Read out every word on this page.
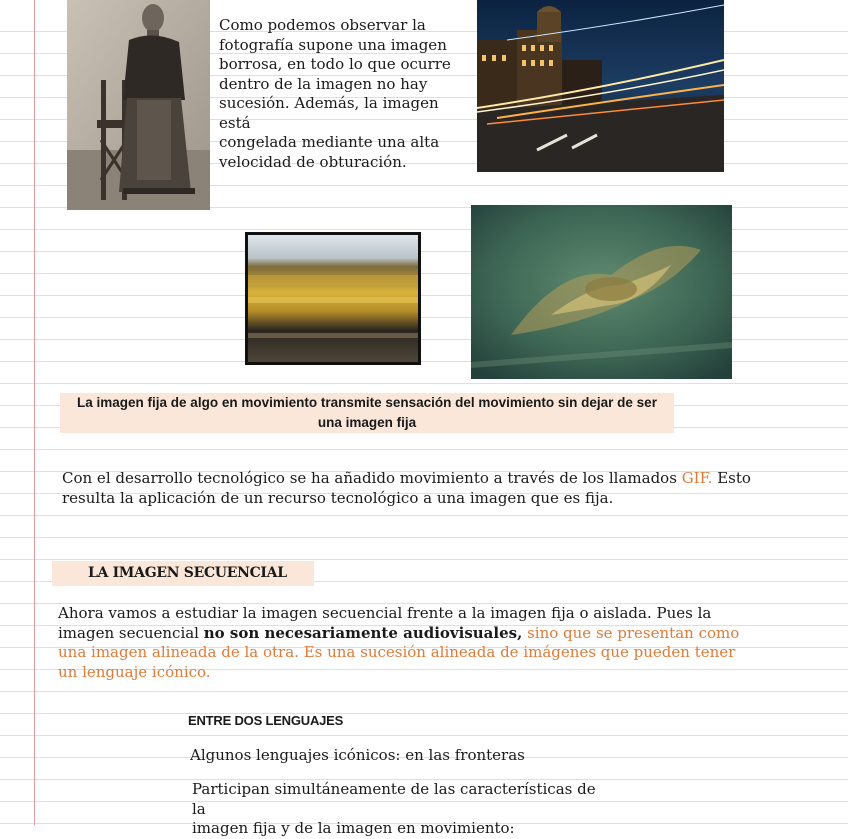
Como podemos observar la
fotografía supone una imagen
borrosa, en todo lo que ocurre
dentro de la imagen no hay
sucesión. Además, la imagen está
congelada mediante una alta
velocidad de obturación.
La imagen fija de algo en movimiento transmite sensación del movimiento sin dejar de ser
una imagen fija
Con el desarrollo tecnológico se ha añadido movimiento a través de los llamados GIF. Esto
resulta la aplicación de un recurso tecnológico a una imagen que es fija.
LA IMAGEN SECUENCIAL
Ahora vamos a estudiar la imagen secuencial frente a la imagen fija o aislada. Pues la
imagen secuencial no son necesariamente audiovisuales, sino que se presentan como
una imagen alineada de la otra. Es una sucesión alineada de imágenes que pueden tener
un lenguaje icónico.
ENTRE DOS LENGUAJES
Algunos lenguajes icónicos: en las fronteras
Participan simultáneamente de las características de la
imagen fija y de la imagen en movimiento:
